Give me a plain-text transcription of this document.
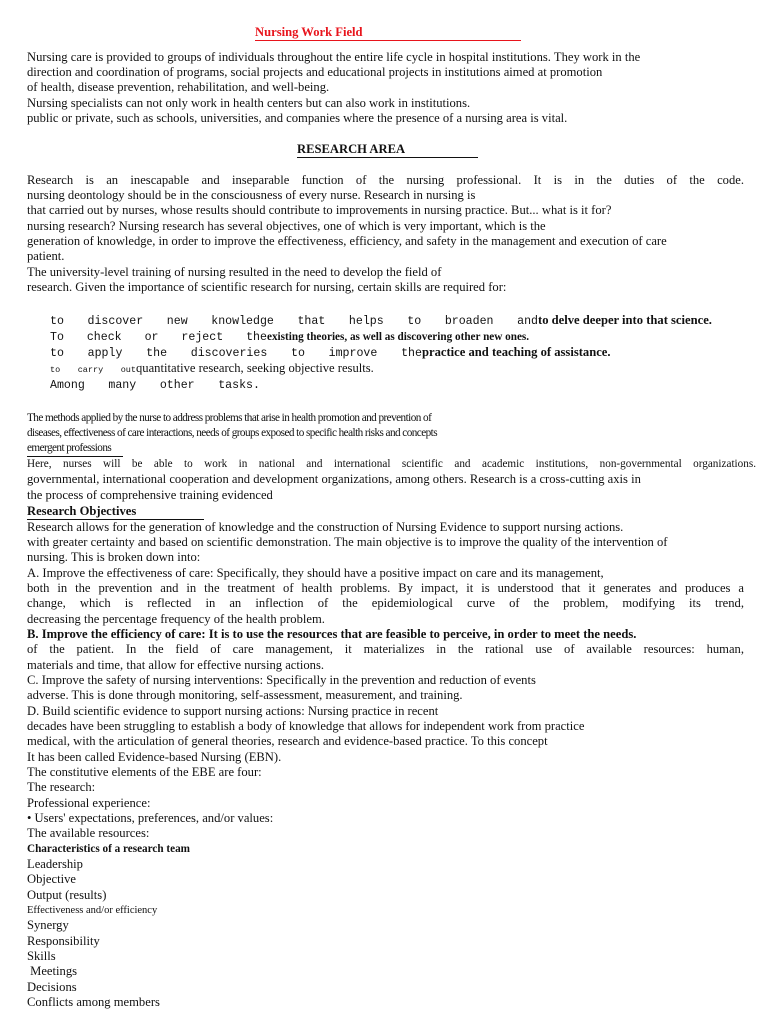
Nursing Work Field
Nursing care is provided to groups of individuals throughout the entire life cycle in hospital institutions. They work in the
direction and coordination of programs, social projects and educational projects in institutions aimed at promotion
of health, disease prevention, rehabilitation, and well-being.
Nursing specialists can not only work in health centers but can also work in institutions.
public or private, such as schools, universities, and companies where the presence of a nursing area is vital.
RESEARCH AREA
Research is an inescapable and inseparable function of the nursing professional. It is in the duties of the code.
nursing deontology should be in the consciousness of every nurse. Research in nursing is
that carried out by nurses, whose results should contribute to improvements in nursing practice. But... what is it for?
nursing research? Nursing research has several objectives, one of which is very important, which is the
generation of knowledge, in order to improve the effectiveness, efficiency, and safety in the management and execution of care
patient.
The university-level training of nursing resulted in the need to develop the field of
research. Given the importance of scientific research for nursing, certain skills are required for:
to discover new knowledge that helps to broaden and to delve deeper into that science.
To check or reject the existing theories, as well as discovering other new ones.
to apply the discoveries to improve the practice and teaching of assistance.
to carry out quantitative research, seeking objective results.
Among many other tasks.
The methods applied by the nurse to address problems that arise in health promotion and prevention of
diseases, effectiveness of care interactions, needs of groups exposed to specific health risks and concepts
emergent professions
Here, nurses will be able to work in national and international scientific and academic institutions, non-governmental organizations.
governmental, international cooperation and development organizations, among others. Research is a cross-cutting axis in
the process of comprehensive training evidenced
Research Objectives
Research allows for the generation of knowledge and the construction of Nursing Evidence to support nursing actions.
with greater certainty and based on scientific demonstration. The main objective is to improve the quality of the intervention of
nursing. This is broken down into:
A. Improve the effectiveness of care: Specifically, they should have a positive impact on care and its management,
both in the prevention and in the treatment of health problems. By impact, it is understood that it generates and produces a
change, which is reflected in an inflection of the epidemiological curve of the problem, modifying its trend,
decreasing the percentage frequency of the health problem.
B. Improve the efficiency of care: It is to use the resources that are feasible to perceive, in order to meet the needs.
of the patient. In the field of care management, it materializes in the rational use of available resources: human,
materials and time, that allow for effective nursing actions.
C. Improve the safety of nursing interventions: Specifically in the prevention and reduction of events
adverse. This is done through monitoring, self-assessment, measurement, and training.
D. Build scientific evidence to support nursing actions: Nursing practice in recent
decades have been struggling to establish a body of knowledge that allows for independent work from practice
medical, with the articulation of general theories, research and evidence-based practice. To this concept
It has been called Evidence-based Nursing (EBN).
The constitutive elements of the EBE are four:
The research:
Professional experience:
• Users' expectations, preferences, and/or values:
The available resources:
Characteristics of a research team
Leadership
Objective
Output (results)
Effectiveness and/or efficiency
Synergy
Responsibility
Skills
Meetings
Decisions
Conflicts among members
